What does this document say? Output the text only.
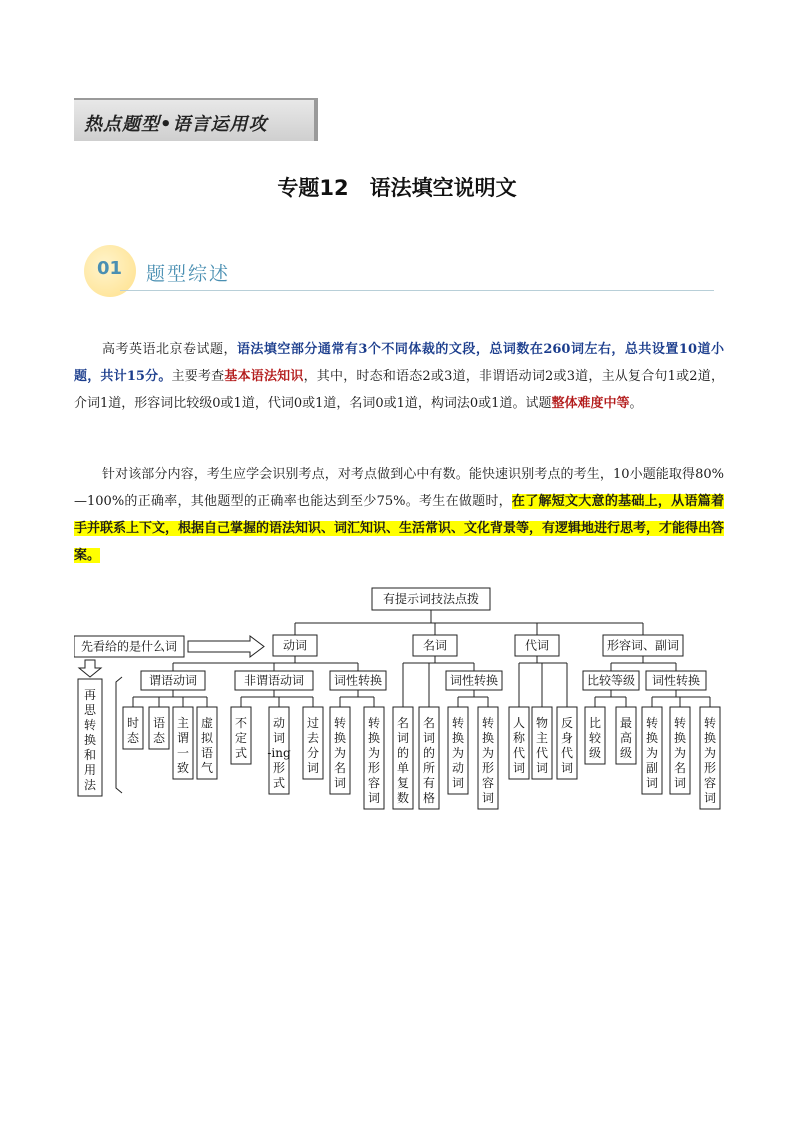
热点题型•语言运用攻
专题12　语法填空说明文
01 题型综述

高考英语北京卷试题，语法填空部分通常有3个不同体裁的文段，总词数在260词左右，总共设置10道小题，共计15分。主要考查基本语法知识，其中，时态和语态2或3道，非谓语动词2或3道，主从复合句1或2道，介词1道，形容词比较级0或1道，代词0或1道，名词0或1道，构词法0或1道。试题整体难度中等。

针对该部分内容，考生应学会识别考点，对考点做到心中有数。能快速识别考点的考生，10小题能取得80%—100%的正确率，其他题型的正确率也能达到至少75%。考生在做题时，在了解短文大意的基础上，从语篇着手并联系上下文，根据自己掌握的语法知识、词汇知识、生活常识、文化背景等，有逻辑地进行思考，才能得出答案。

有提示词技法点拨
先看给的是什么词
再思转换和用法
动词
谓语动词
时态
语态
主谓一致
虚拟语气
非谓语动词
不定式
动词-ing 形式
过去分词
词性转换
转换为名词
转换为形容词
名词
名词的单复数
名词的所有格
词性转换
转换为动词
转换为形容词
代词
人称代词
物主代词
反身代词
形容词、副词
比较等级
比较级
最高级
词性转换
转换为副词
转换为名词
转换为形容词
